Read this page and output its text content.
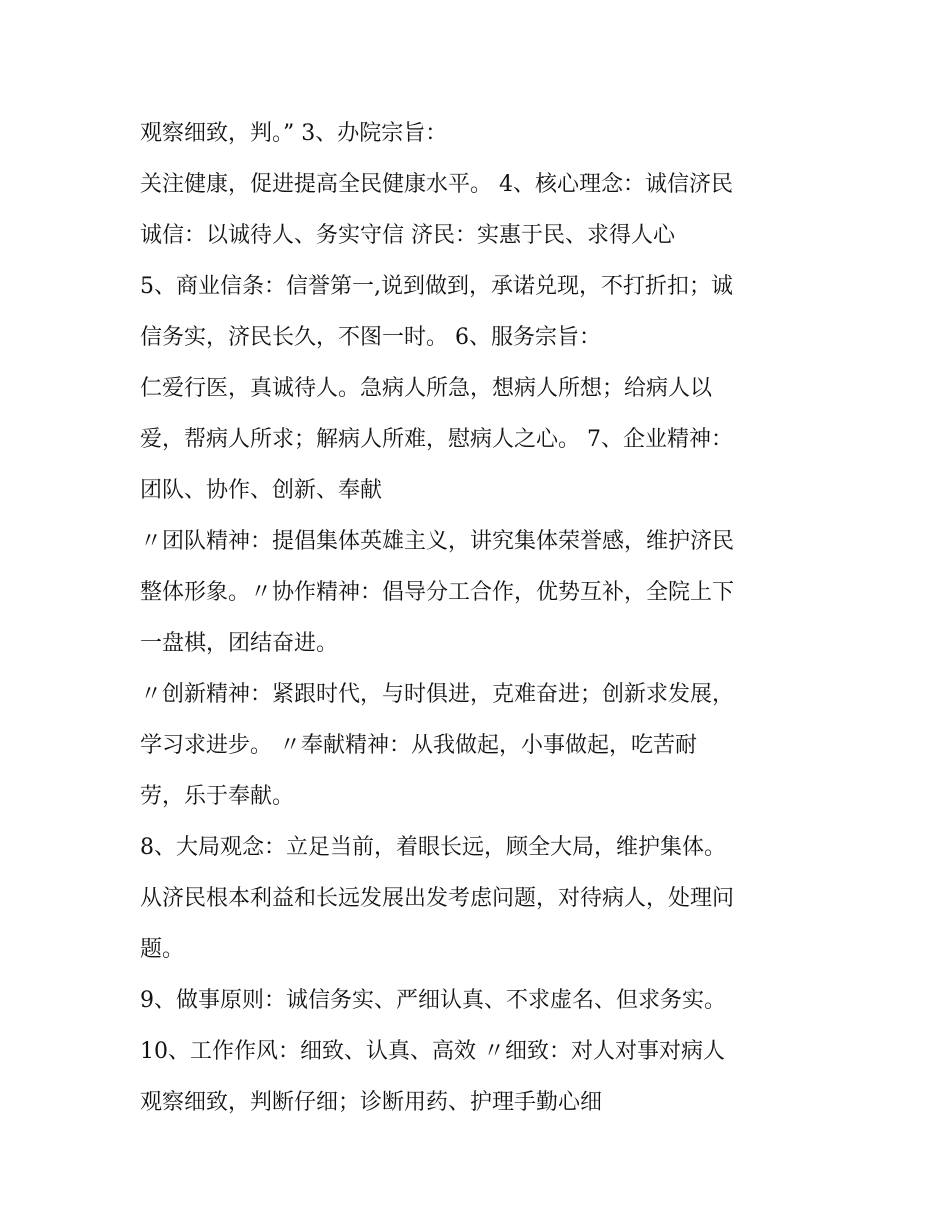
观察细致，判。” 3、办院宗旨：
关注健康，促进提高全民健康水平。 4、核心理念：诚信济民
诚信：以诚待人、务实守信 济民：实惠于民、求得人心
5、商业信条：信誉第一,说到做到，承诺兑现，不打折扣；诚
信务实，济民长久，不图一时。 6、服务宗旨：
仁爱行医，真诚待人。急病人所急，想病人所想；给病人以
爱，帮病人所求；解病人所难，慰病人之心。 7、企业精神：
团队、协作、创新、奉献
〃团队精神：提倡集体英雄主义，讲究集体荣誉感，维护济民
整体形象。〃协作精神：倡导分工合作，优势互补，全院上下
一盘棋，团结奋进。
〃创新精神：紧跟时代，与时俱进，克难奋进；创新求发展，
学习求进步。 〃奉献精神：从我做起，小事做起，吃苦耐
劳，乐于奉献。
8、大局观念：立足当前，着眼长远，顾全大局，维护集体。
从济民根本利益和长远发展出发考虑问题，对待病人，处理问
题。
9、做事原则：诚信务实、严细认真、不求虚名、但求务实。
10、工作作风：细致、认真、高效 〃细致：对人对事对病人
观察细致，判断仔细；诊断用药、护理手勤心细
